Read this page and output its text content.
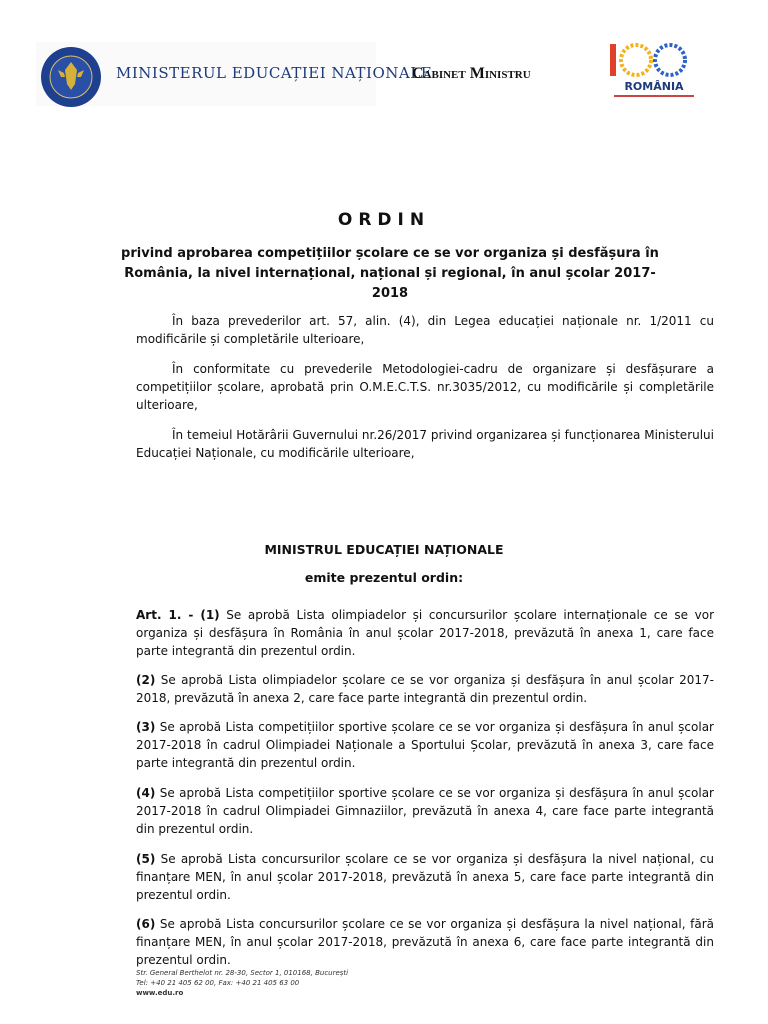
MINISTERUL EDUCAȚIEI NAȚIONALE
Cabinet Ministru
ROMÂNIA
ORDIN
privind aprobarea competițiilor școlare ce se vor organiza și desfășura în
România, la nivel internațional, național și regional, în anul școlar 2017-2018

În baza prevederilor art. 57, alin. (4), din Legea educației naționale nr. 1/2011 cu modificările și completările ulterioare,

În conformitate cu prevederile Metodologiei-cadru de organizare și desfășurare a competițiilor școlare, aprobată prin O.M.E.C.T.S. nr.3035/2012, cu modificările și completările ulterioare,

În temeiul Hotărârii Guvernului nr.26/2017 privind organizarea și funcționarea Ministerului Educației Naționale, cu modificările ulterioare,

MINISTRUL EDUCAȚIEI NAȚIONALE
emite prezentul ordin:

Art. 1. - (1) Se aprobă Lista olimpiadelor și concursurilor școlare internaționale ce se vor organiza și desfășura în România în anul școlar 2017-2018, prevăzută în anexa 1, care face parte integrantă din prezentul ordin.

(2) Se aprobă Lista olimpiadelor școlare ce se vor organiza și desfășura în anul școlar 2017-2018, prevăzută în anexa 2, care face parte integrantă din prezentul ordin.

(3) Se aprobă Lista competițiilor sportive școlare ce se vor organiza și desfășura în anul școlar 2017-2018 în cadrul Olimpiadei Naționale a Sportului Școlar, prevăzută în anexa 3, care face parte integrantă din prezentul ordin.

(4) Se aprobă Lista competițiilor sportive școlare ce se vor organiza și desfășura în anul școlar 2017-2018 în cadrul Olimpiadei Gimnaziilor, prevăzută în anexa 4, care face parte integrantă din prezentul ordin.

(5) Se aprobă Lista concursurilor școlare ce se vor organiza și desfășura la nivel național, cu finanțare MEN, în anul școlar 2017-2018, prevăzută în anexa 5, care face parte integrantă din prezentul ordin.

(6) Se aprobă Lista concursurilor școlare ce se vor organiza și desfășura la nivel național, fără finanțare MEN, în anul școlar 2017-2018, prevăzută în anexa 6, care face parte integrantă din prezentul ordin.

Str. General Berthelot nr. 28-30, Sector 1, 010168, București
Tel: +40 21 405 62 00, Fax: +40 21 405 63 00
www.edu.ro
